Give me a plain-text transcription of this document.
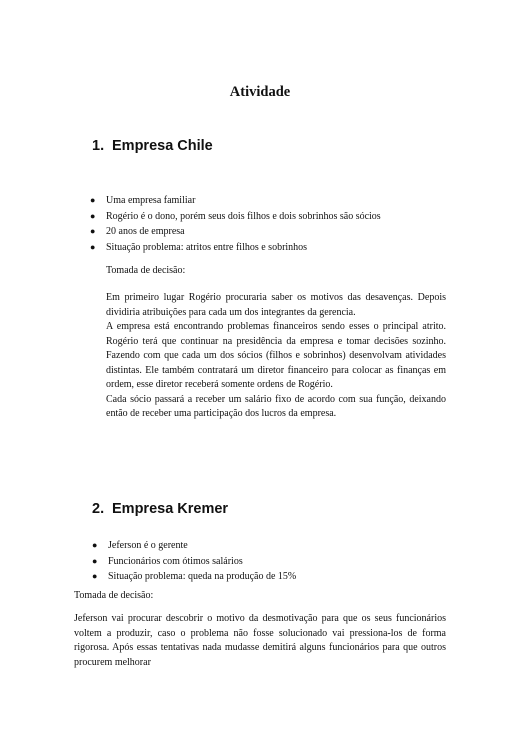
Atividade
1. Empresa Chile
● Uma empresa familiar
● Rogério é o dono, porém seus dois filhos e dois sobrinhos são sócios
● 20 anos de empresa
● Situação problema: atritos entre filhos e sobrinhos

Tomada de decisão:

Em primeiro lugar Rogério procuraria saber os motivos das desavenças. Depois dividiria atribuições para cada um dos integrantes da gerencia.

A empresa está encontrando problemas financeiros sendo esses o principal atrito. Rogério terá que continuar na presidência da empresa e tomar decisões sozinho. Fazendo com que cada um dos sócios (filhos e sobrinhos) desenvolvam atividades distintas. Ele também contratará um diretor financeiro para colocar as finanças em ordem, esse diretor receberá somente ordens de Rogério.

Cada sócio passará a receber um salário fixo de acordo com sua função, deixando então de receber uma participação dos lucros da empresa.

2. Empresa Kremer
● Jeferson é o gerente
● Funcionários com ótimos salários
● Situação problema: queda na produção de 15%

Tomada de decisão:

Jeferson vai procurar descobrir o motivo da desmotivação para que os seus funcionários voltem a produzir, caso o problema não fosse solucionado vai pressiona-los de forma rigorosa. Após essas tentativas nada mudasse demitirá alguns funcionários para que outros procurem melhorar
